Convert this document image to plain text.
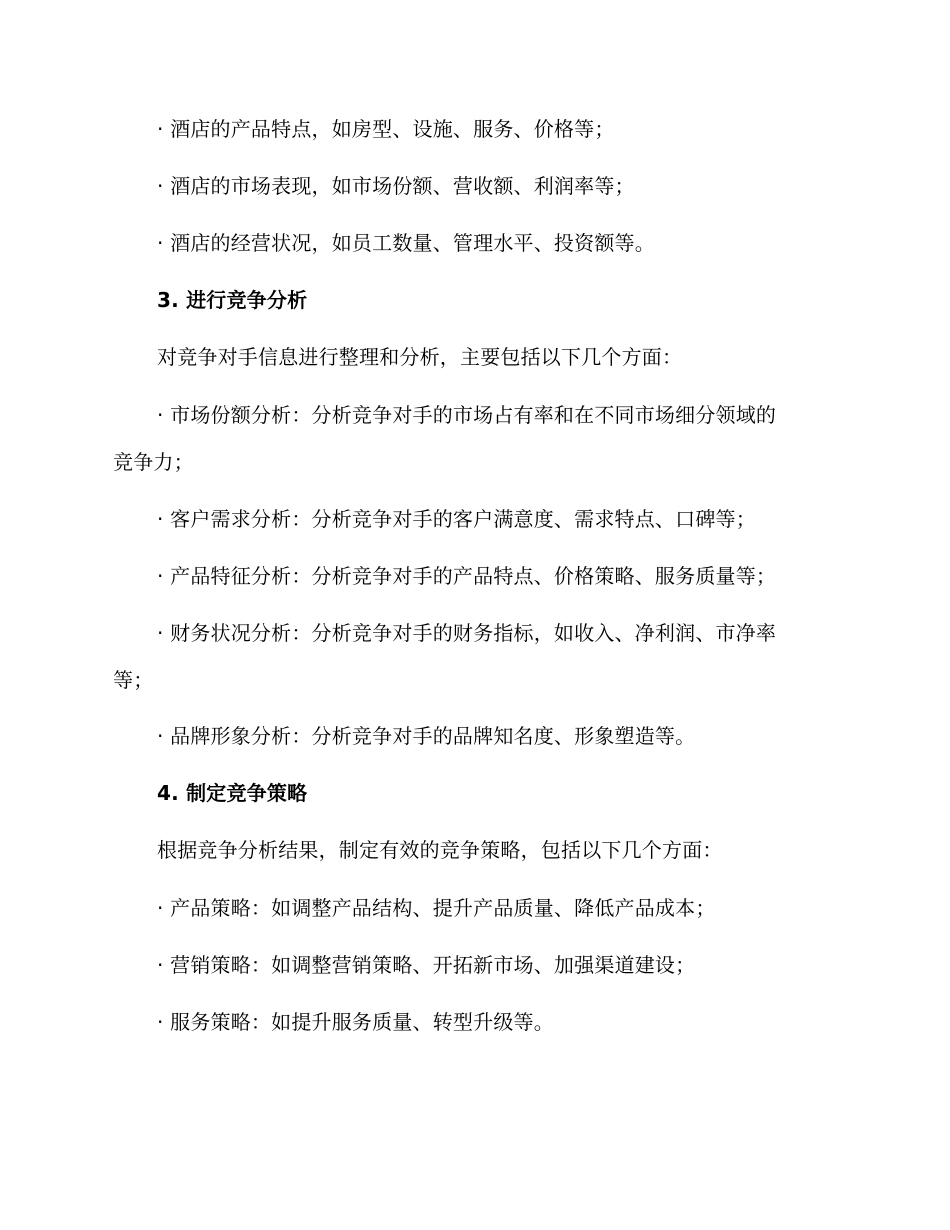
· 酒店的产品特点，如房型、设施、服务、价格等；
· 酒店的市场表现，如市场份额、营收额、利润率等；
· 酒店的经营状况，如员工数量、管理水平、投资额等。
3. 进行竞争分析
对竞争对手信息进行整理和分析，主要包括以下几个方面：
· 市场份额分析：分析竞争对手的市场占有率和在不同市场细分领域的
竞争力；
· 客户需求分析：分析竞争对手的客户满意度、需求特点、口碑等；
· 产品特征分析：分析竞争对手的产品特点、价格策略、服务质量等；
· 财务状况分析：分析竞争对手的财务指标，如收入、净利润、市净率
等；
· 品牌形象分析：分析竞争对手的品牌知名度、形象塑造等。
4. 制定竞争策略
根据竞争分析结果，制定有效的竞争策略，包括以下几个方面：
· 产品策略：如调整产品结构、提升产品质量、降低产品成本；
· 营销策略：如调整营销策略、开拓新市场、加强渠道建设；
· 服务策略：如提升服务质量、转型升级等。
